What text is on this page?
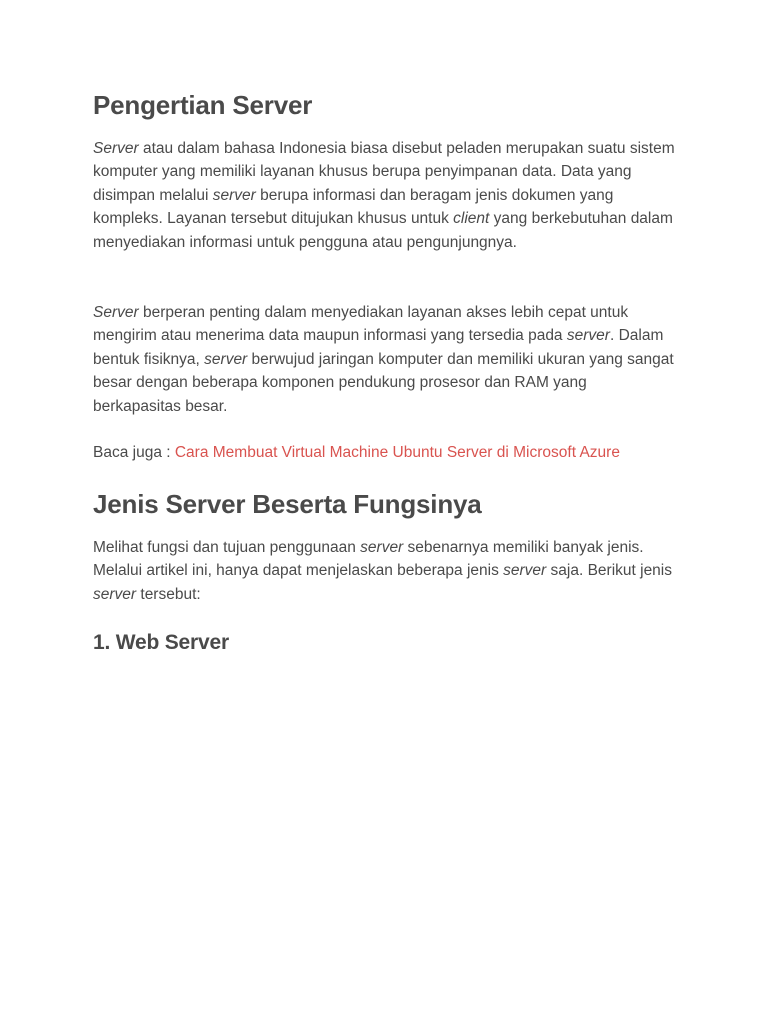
Pengertian Server

Server atau dalam bahasa Indonesia biasa disebut peladen merupakan suatu sistem komputer yang memiliki layanan khusus berupa penyimpanan data. Data yang disimpan melalui server berupa informasi dan beragam jenis dokumen yang kompleks. Layanan tersebut ditujukan khusus untuk client yang berkebutuhan dalam menyediakan informasi untuk pengguna atau pengunjungnya.

Server berperan penting dalam menyediakan layanan akses lebih cepat untuk mengirim atau menerima data maupun informasi yang tersedia pada server. Dalam bentuk fisiknya, server berwujud jaringan komputer dan memiliki ukuran yang sangat besar dengan beberapa komponen pendukung prosesor dan RAM yang berkapasitas besar.

Baca juga : Cara Membuat Virtual Machine Ubuntu Server di Microsoft Azure

Jenis Server Beserta Fungsinya

Melihat fungsi dan tujuan penggunaan server sebenarnya memiliki banyak jenis. Melalui artikel ini, hanya dapat menjelaskan beberapa jenis server saja. Berikut jenis server tersebut:

1. Web Server
